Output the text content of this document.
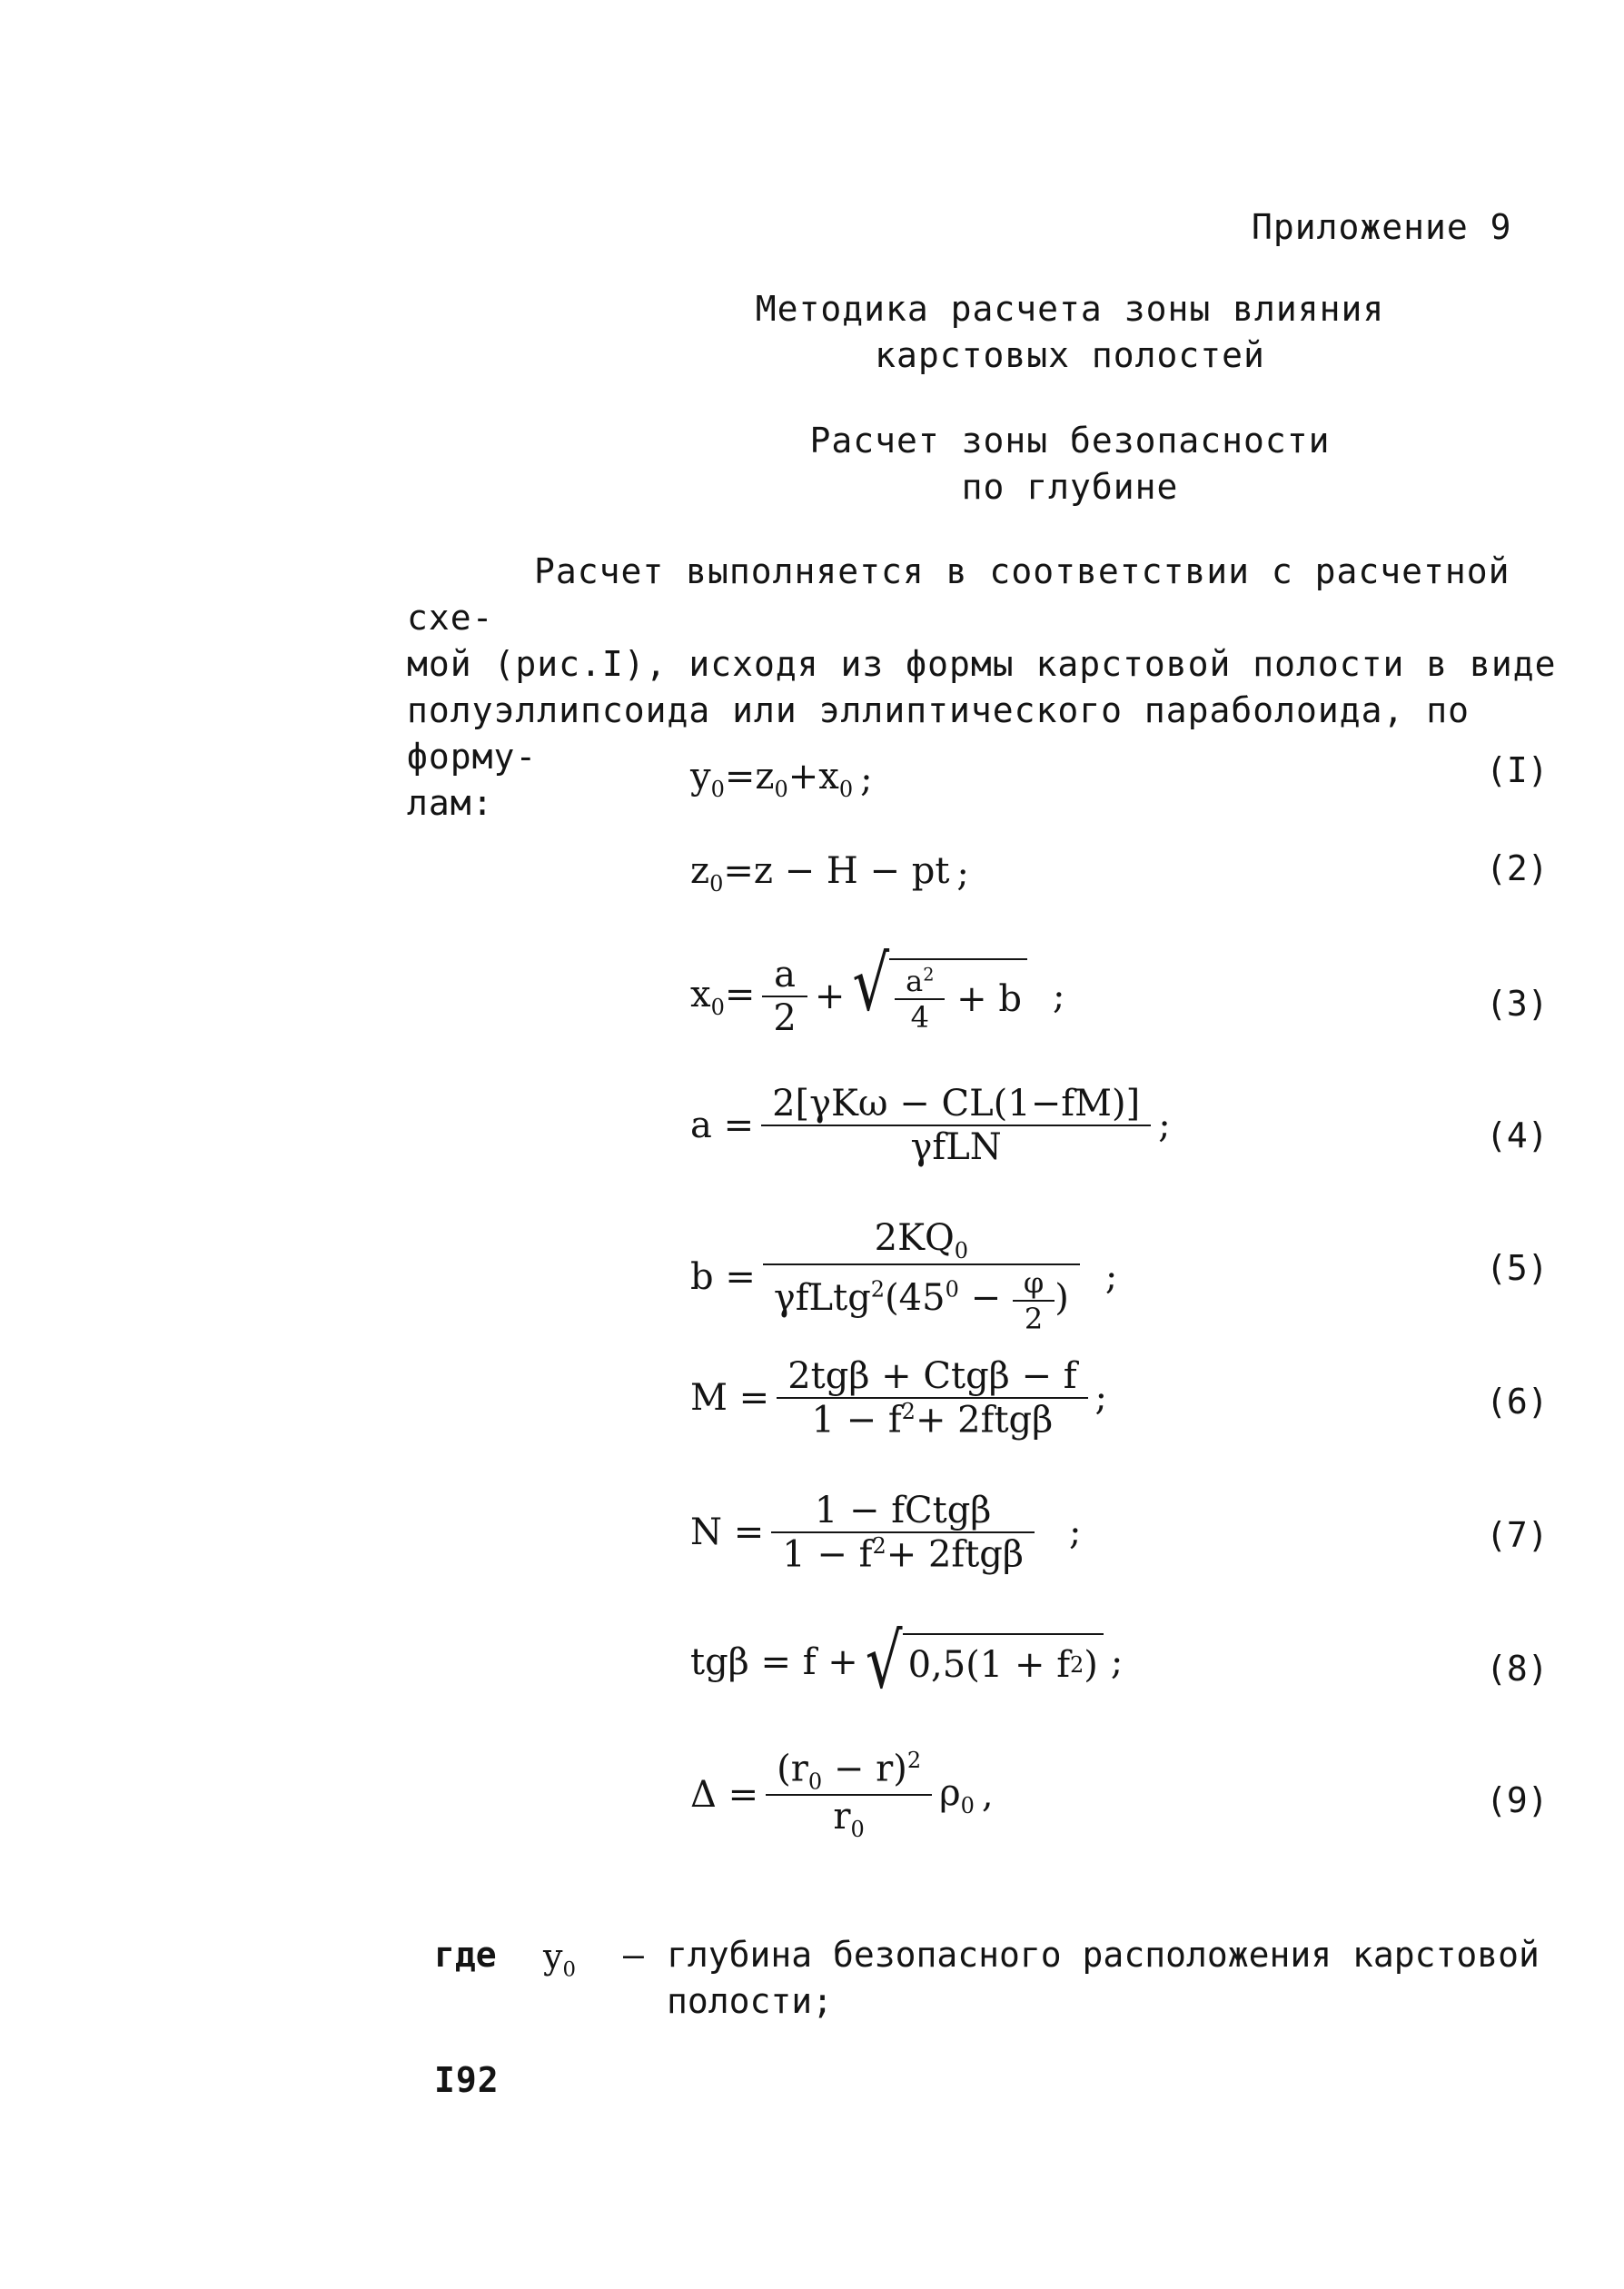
Приложение 9
Методика расчета зоны влияния
карстовых полостей
Расчет зоны безопасности
по глубине
Расчет выполняется в соответствии с расчетной схе-
мой (рис.I), исходя из формы карстовой полости в виде
полуэллипсоида или эллиптического параболоида, по форму-
лам:
$y_0=z_0+x_0$ ;	(I)
$z_0=z - H$ − pt ;	(2)
$x_0= \frac{a}{2}$ + √ $\frac{a^2}{4} + b$ ;	(3)
$a = \frac{\text{2[γKω − CL(1−fM)]}}{\text{γfLN}}$ ;	(4)
$b = \frac{2KQ_0}{\gamma fLtg^2(45^0 - \frac{\varphi}{2} )}$ ;	(5)
$M = \frac{\text{2tgβ + Ctgβ − f}}{1 - f^2+ 2ftg\beta}$ ;	(6)
$N = \frac{\text{1 − fCtgβ}}{1 - f^2+ 2ftg\beta}$ ;	(7)
tgβ = f + √ 0,5(1 + f 2 ) ;	(8)
$\Delta = \frac{(r_0 - r)^2}{r_0} \rho_0$ ,	(9)
где $y_0$ – глубина безопасного расположения карстовой
полости;
I92
